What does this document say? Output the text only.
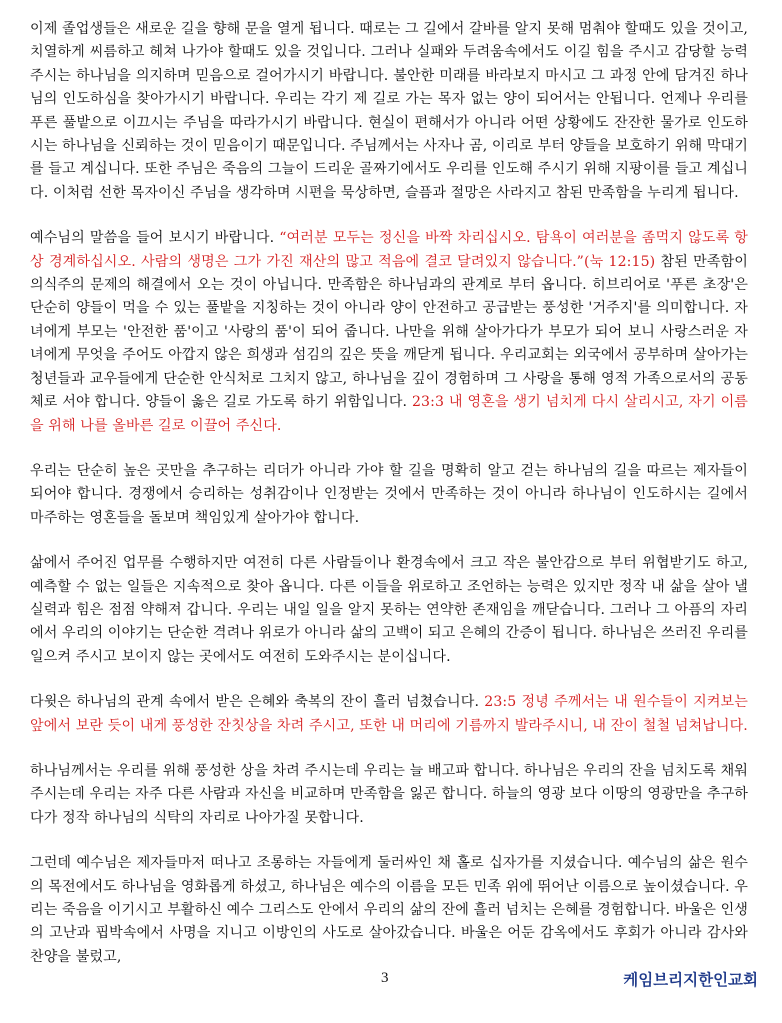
이제 졸업생들은 새로운 길을 향해 문을 열게 됩니다. 때로는 그 길에서 갈바를 알지 못해 멈춰야 할때도 있을 것이고, 치열하게 씨름하고 헤쳐 나가야 할때도 있을 것입니다. 그러나 실패와 두려움속에서도 이길 힘을 주시고 감당할 능력 주시는 하나님을 의지하며 믿음으로 걸어가시기 바랍니다. 불안한 미래를 바라보지 마시고 그 과정 안에 담겨진 하나님의 인도하심을 찾아가시기 바랍니다. 우리는 각기 제 길로 가는 목자 없는 양이 되어서는 안됩니다. 언제나 우리를 푸른 풀밭으로 이끄시는 주님을 따라가시기 바랍니다. 현실이 편해서가 아니라 어떤 상황에도 잔잔한 물가로 인도하시는 하나님을 신뢰하는 것이 믿음이기 때문입니다. 주님께서는 사자나 곰, 이리로 부터 양들을 보호하기 위해 막대기를 들고 계십니다. 또한 주님은 죽음의 그늘이 드리운 골짜기에서도 우리를 인도해 주시기 위해 지팡이를 들고 계십니다. 이처럼 선한 목자이신 주님을 생각하며 시편을 묵상하면, 슬픔과 절망은 사라지고 참된 만족함을 누리게 됩니다.

예수님의 말씀을 들어 보시기 바랍니다. “여러분 모두는 정신을 바짝 차리십시오. 탐욕이 여러분을 좀먹지 않도록 항상 경계하십시오. 사람의 생명은 그가 가진 재산의 많고 적음에 결코 달려있지 않습니다.”(눅 12:15) 참된 만족함이 의식주의 문제의 해결에서 오는 것이 아닙니다. 만족함은 하나님과의 관계로 부터 옵니다. 히브리어로 '푸른 초장'은 단순히 양들이 먹을 수 있는 풀밭을 지칭하는 것이 아니라 양이 안전하고 공급받는 풍성한 '거주지'를 의미합니다. 자녀에게 부모는 '안전한 품'이고 '사랑의 품'이 되어 줍니다. 나만을 위해 살아가다가 부모가 되어 보니 사랑스러운 자녀에게 무엇을 주어도 아깝지 않은 희생과 섬김의 깊은 뜻을 깨닫게 됩니다. 우리교회는 외국에서 공부하며 살아가는 청년들과 교우들에게 단순한 안식처로 그치지 않고, 하나님을 깊이 경험하며 그 사랑을 통해 영적 가족으로서의 공동체로 서야 합니다. 양들이 옳은 길로 가도록 하기 위함입니다. 23:3 내 영혼을 생기 넘치게 다시 살리시고, 자기 이름을 위해 나를 올바른 길로 이끌어 주신다.

우리는 단순히 높은 곳만을 추구하는 리더가 아니라 가야 할 길을 명확히 알고 걷는 하나님의 길을 따르는 제자들이 되어야 합니다. 경쟁에서 승리하는 성취감이나 인정받는 것에서 만족하는 것이 아니라 하나님이 인도하시는 길에서 마주하는 영혼들을 돌보며 책임있게 살아가야 합니다.

삶에서 주어진 업무를 수행하지만 여전히 다른 사람들이나 환경속에서 크고 작은 불안감으로 부터 위협받기도 하고, 예측할 수 없는 일들은 지속적으로 찾아 옵니다. 다른 이들을 위로하고 조언하는 능력은 있지만 정작 내 삶을 살아 낼 실력과 힘은 점점 약해져 갑니다. 우리는 내일 일을 알지 못하는 연약한 존재임을 깨닫습니다. 그러나 그 아픔의 자리에서 우리의 이야기는 단순한 격려나 위로가 아니라 삶의 고백이 되고 은혜의 간증이 됩니다. 하나님은 쓰러진 우리를 일으켜 주시고 보이지 않는 곳에서도 여전히 도와주시는 분이십니다.

다윗은 하나님의 관계 속에서 받은 은혜와 축복의 잔이 흘러 넘쳤습니다. 23:5 정녕 주께서는 내 원수들이 지켜보는 앞에서 보란 듯이 내게 풍성한 잔칫상을 차려 주시고, 또한 내 머리에 기름까지 발라주시니, 내 잔이 철철 넘쳐납니다.

하나님께서는 우리를 위해 풍성한 상을 차려 주시는데 우리는 늘 배고파 합니다. 하나님은 우리의 잔을 넘치도록 채워 주시는데 우리는 자주 다른 사람과 자신을 비교하며 만족함을 잃곤 합니다. 하늘의 영광 보다 이땅의 영광만을 추구하다가 정작 하나님의 식탁의 자리로 나아가질 못합니다.

그런데 예수님은 제자들마저 떠나고 조롱하는 자들에게 둘러싸인 채 홀로 십자가를 지셨습니다. 예수님의 삶은 원수의 목전에서도 하나님을 영화롭게 하셨고, 하나님은 예수의 이름을 모든 민족 위에 뛰어난 이름으로 높이셨습니다. 우리는 죽음을 이기시고 부활하신 예수 그리스도 안에서 우리의 삶의 잔에 흘러 넘치는 은혜를 경험합니다. 바울은 인생의 고난과 핍박속에서 사명을 지니고 이방인의 사도로 살아갔습니다. 바울은 어둔 감옥에서도 후회가 아니라 감사와 찬양을 불렀고,

3	케임브리지한인교회
